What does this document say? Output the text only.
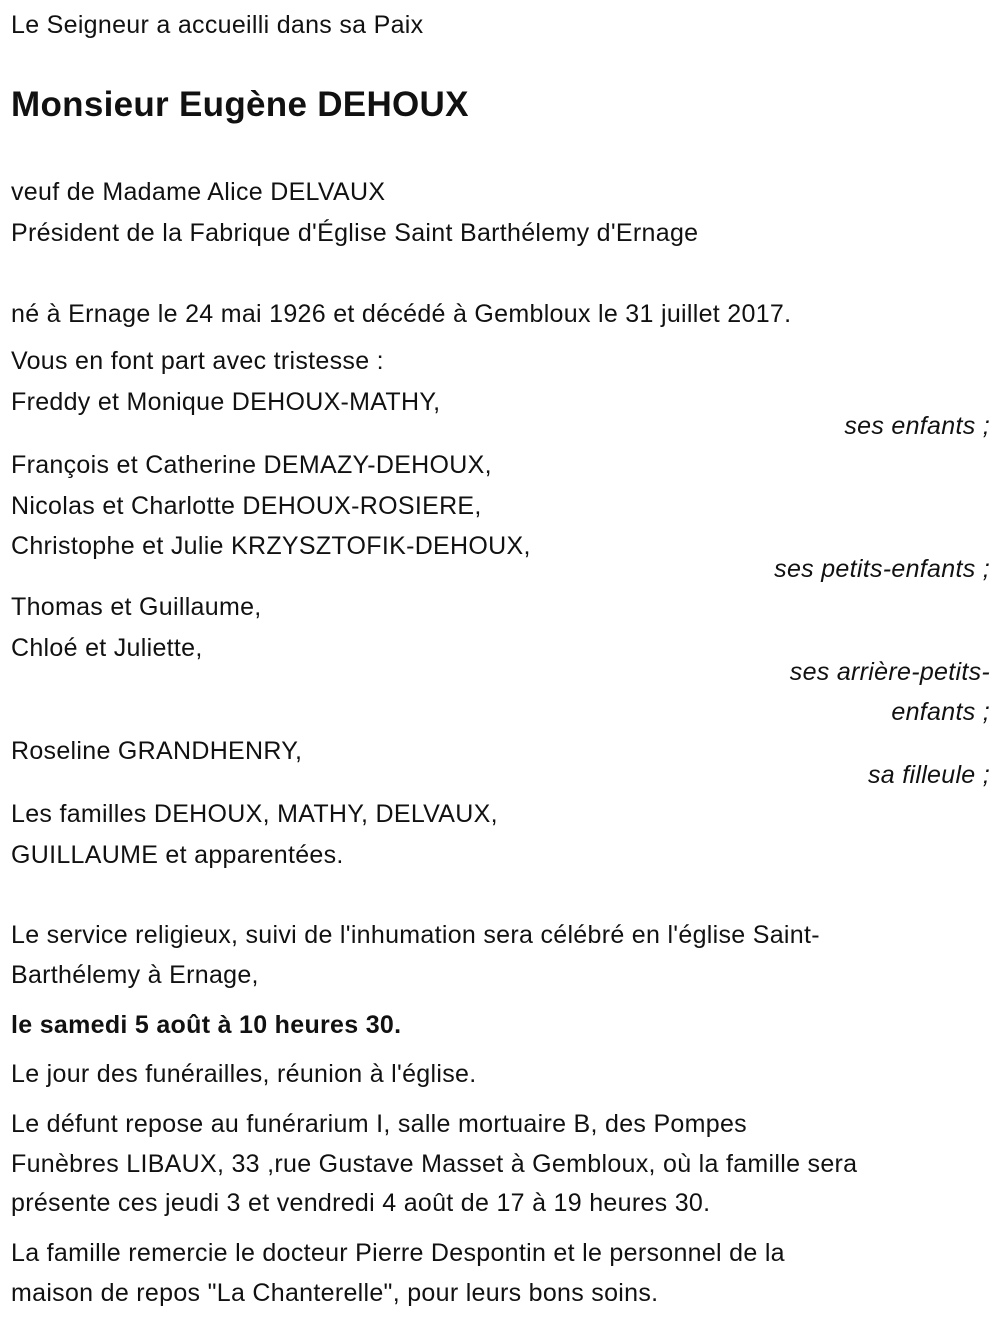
Le Seigneur a accueilli dans sa Paix
Monsieur Eugène DEHOUX
veuf de Madame Alice DELVAUX
Président de la Fabrique d'Église Saint Barthélemy d'Ernage
né à Ernage le 24 mai 1926 et décédé à Gembloux le 31 juillet 2017.
Vous en font part avec tristesse :
Freddy et Monique DEHOUX-MATHY,
ses enfants ;
François et Catherine DEMAZY-DEHOUX,
Nicolas et Charlotte DEHOUX-ROSIERE,
Christophe et Julie KRZYSZTOFIK-DEHOUX,
ses petits-enfants ;
Thomas et Guillaume,
Chloé et Juliette,
ses arrière-petits-
enfants ;
Roseline GRANDHENRY,
sa filleule ;
Les familles DEHOUX, MATHY, DELVAUX,
GUILLAUME et apparentées.
Le service religieux, suivi de l'inhumation sera célébré en l'église Saint-
Barthélemy à Ernage,
le samedi 5 août à 10 heures 30.
Le jour des funérailles, réunion à l'église.
Le défunt repose au funérarium I, salle mortuaire B, des Pompes
Funèbres LIBAUX, 33 ,rue Gustave Masset à Gembloux, où la famille sera
présente ces jeudi 3 et vendredi 4 août de 17 à 19 heures 30.
La famille remercie le docteur Pierre Despontin et le personnel de la
maison de repos "La Chanterelle", pour leurs bons soins.
